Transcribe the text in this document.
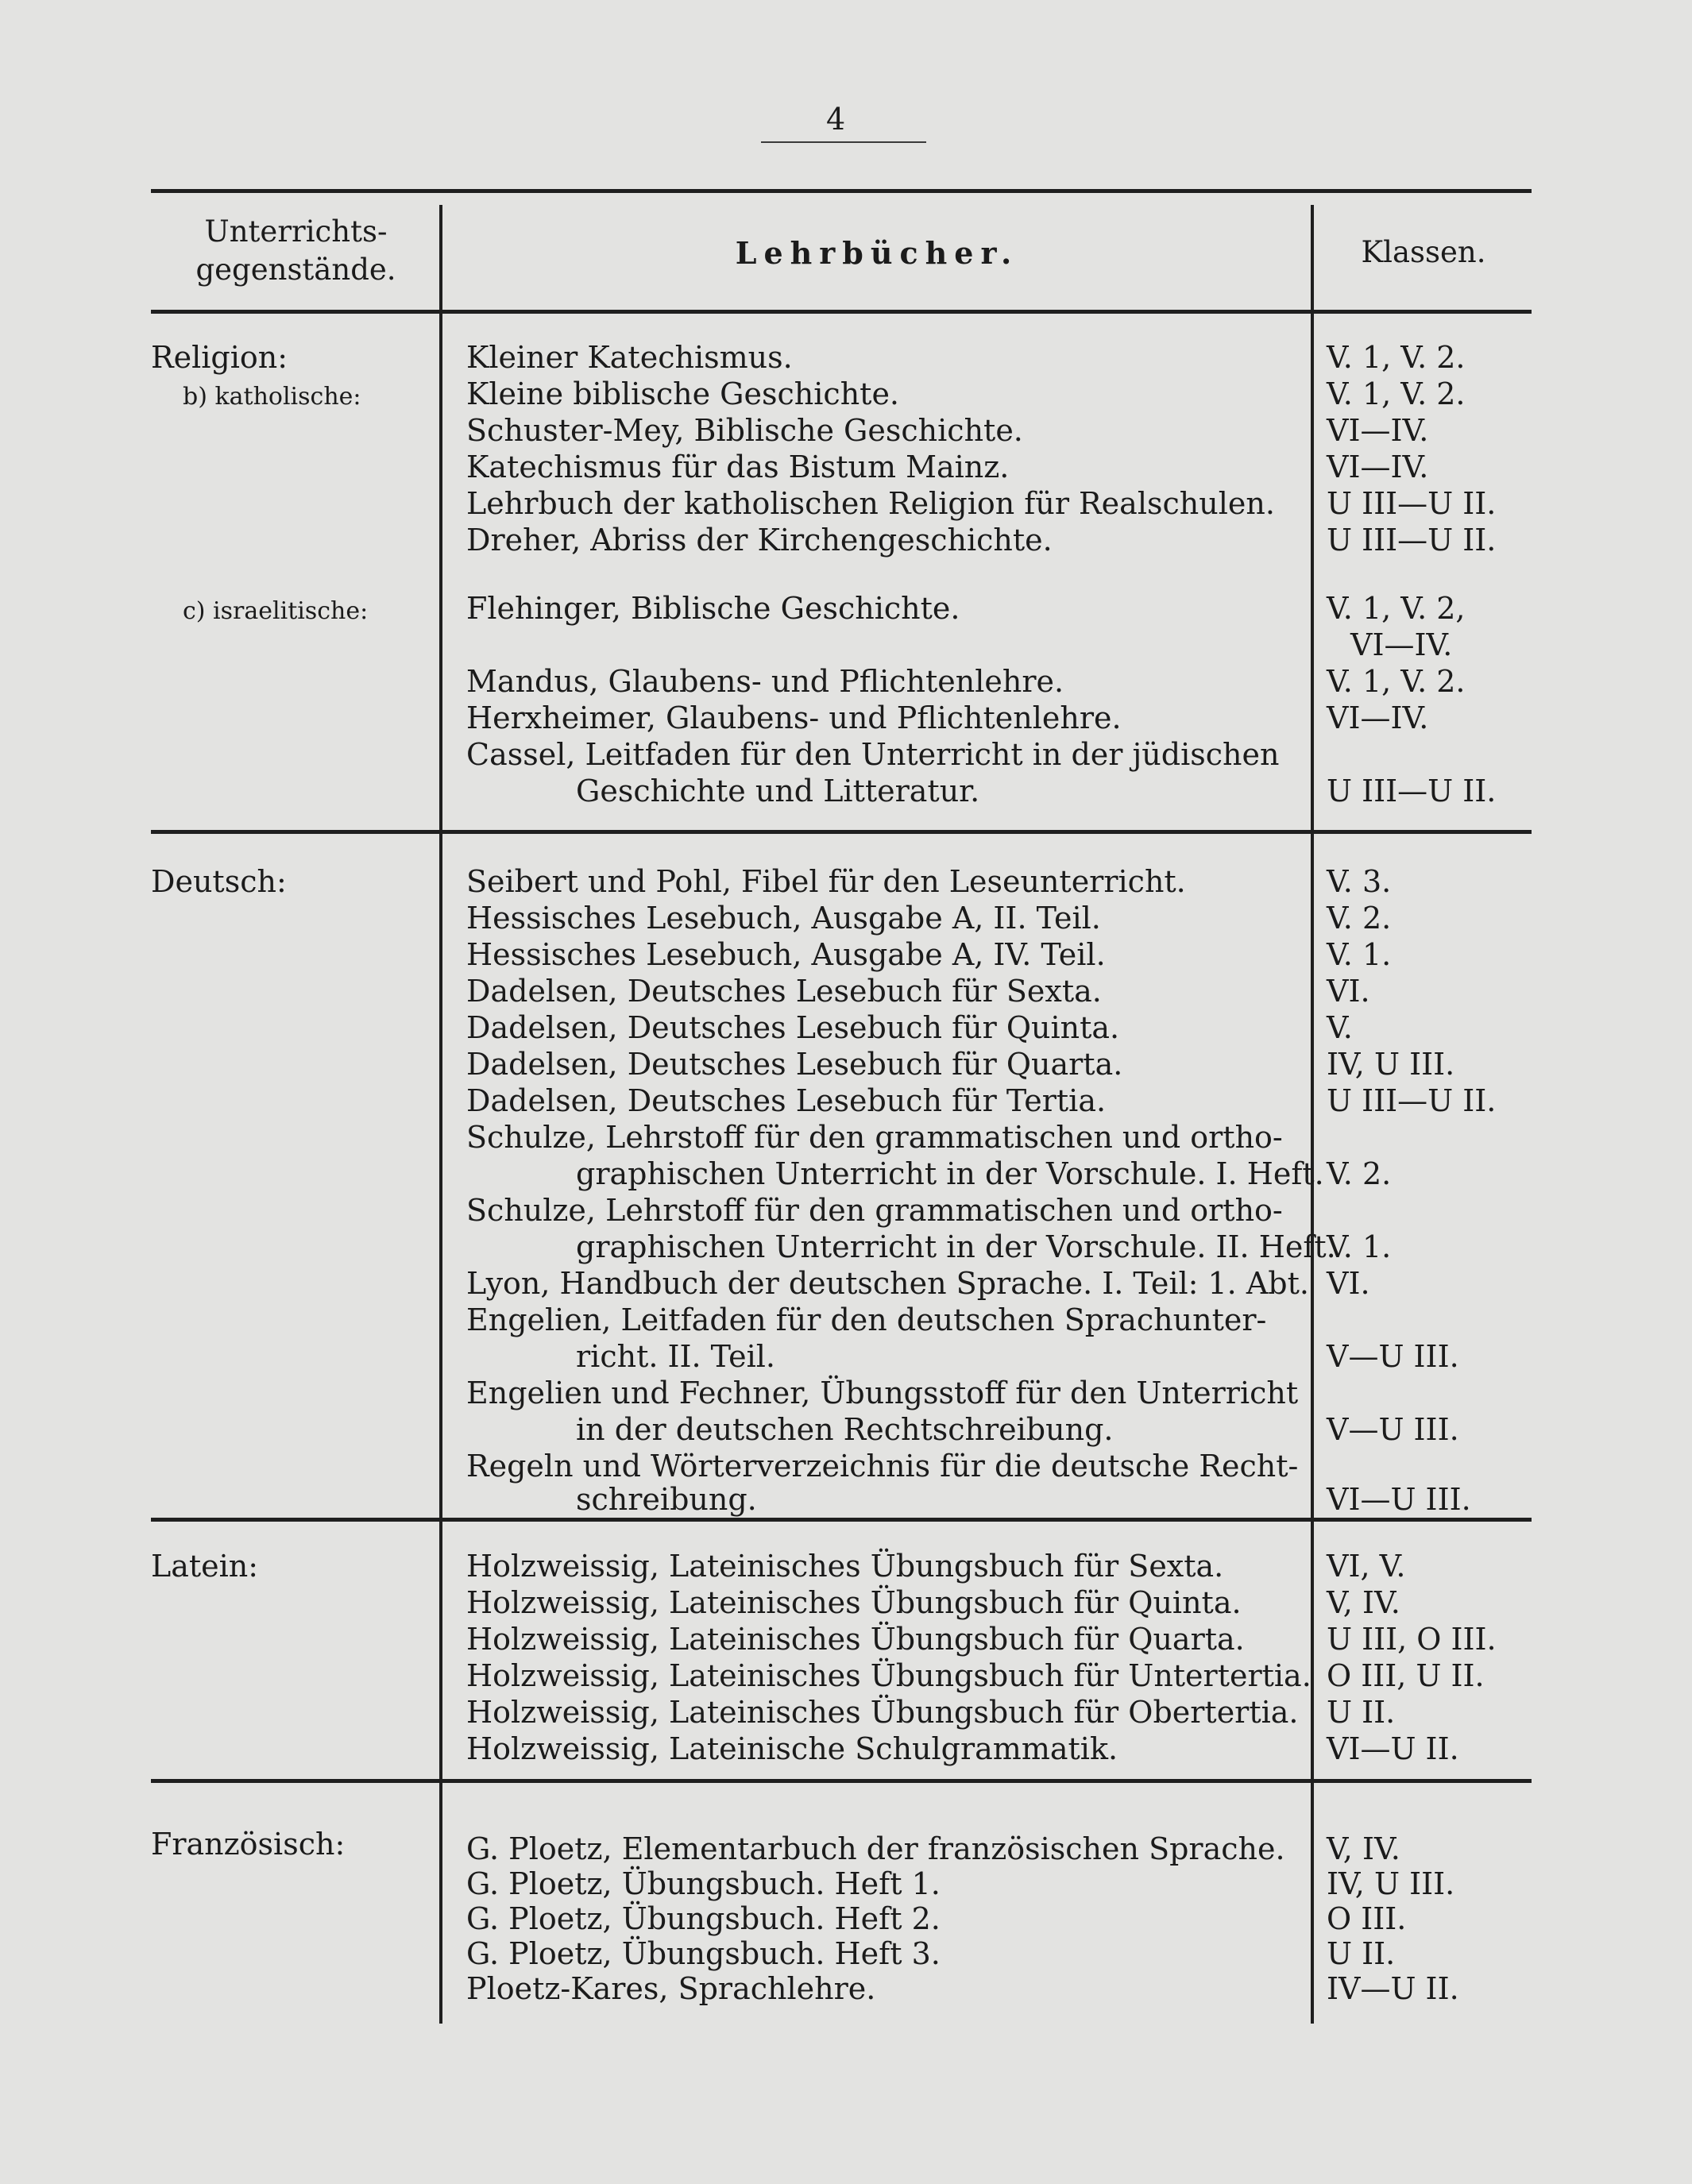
4
Unterrichts-
gegenstände.	Lehrbücher.	Klassen.
Religion:
b) katholische:
Kleiner Katechismus.	V. 1, V. 2.
Kleine biblische Geschichte.	V. 1, V. 2.
Schuster-Mey, Biblische Geschichte.	VI—IV.
Katechismus für das Bistum Mainz.	VI—IV.
Lehrbuch der katholischen Religion für Realschulen. U III—U II.
Dreher, Abriss der Kirchengeschichte.	U III—U II.
c) israelitische:	Flehinger, Biblische Geschichte.	V. 1, V. 2,
VI—IV.
Mandus, Glaubens- und Pflichtenlehre.	V. 1, V. 2.
Herxheimer, Glaubens- und Pflichtenlehre.	VI—IV.
Cassel, Leitfaden für den Unterricht in der jüdischen
Geschichte und Litteratur.	U III—U II.
Deutsch:	Seibert und Pohl, Fibel für den Leseunterricht.	V. 3.
Hessisches Lesebuch, Ausgabe A, II. Teil.	V. 2.
Hessisches Lesebuch, Ausgabe A, IV. Teil.	V. 1.
Dadelsen, Deutsches Lesebuch für Sexta.	VI.
Dadelsen, Deutsches Lesebuch für Quinta.	V.
Dadelsen, Deutsches Lesebuch für Quarta.	IV, U III.
Dadelsen, Deutsches Lesebuch für Tertia.	U III—U II.
Schulze, Lehrstoff für den grammatischen und ortho-
graphischen Unterricht in der Vorschule. I. Heft. V. 2.
Schulze, Lehrstoff für den grammatischen und ortho-
graphischen Unterricht in der Vorschule. II. Heft.
V. 1.
Lyon, Handbuch der deutschen Sprache. I. Teil: 1. Abt. VI.
Engelien, Leitfaden für den deutschen Sprachunter-
richt. II. Teil.	V—U III.
Engelien und Fechner, Übungsstoff für den Unterricht
in der deutschen Rechtschreibung.	V—U III.
Regeln und Wörterverzeichnis für die deutsche Recht-
schreibung.	VI—U III.
Latein:	Holzweissig, Lateinisches Übungsbuch für Sexta.	VI, V.
Holzweissig, Lateinisches Übungsbuch für Quinta.	V, IV.
Holzweissig, Lateinisches Übungsbuch für Quarta.	U III, O III.
Holzweissig, Lateinisches Übungsbuch für Untertertia. O III, U II.
Holzweissig, Lateinisches Übungsbuch für Obertertia. U II.
Holzweissig, Lateinische Schulgrammatik.	VI—U II.
Französisch:	G. Ploetz, Elementarbuch der französischen Sprache. V, IV.
G. Ploetz, Übungsbuch. Heft 1.	IV, U III.
G. Ploetz, Übungsbuch. Heft 2.	O III.
G. Ploetz, Übungsbuch. Heft 3.	U II.
Ploetz-Kares, Sprachlehre.	IV—U II.
